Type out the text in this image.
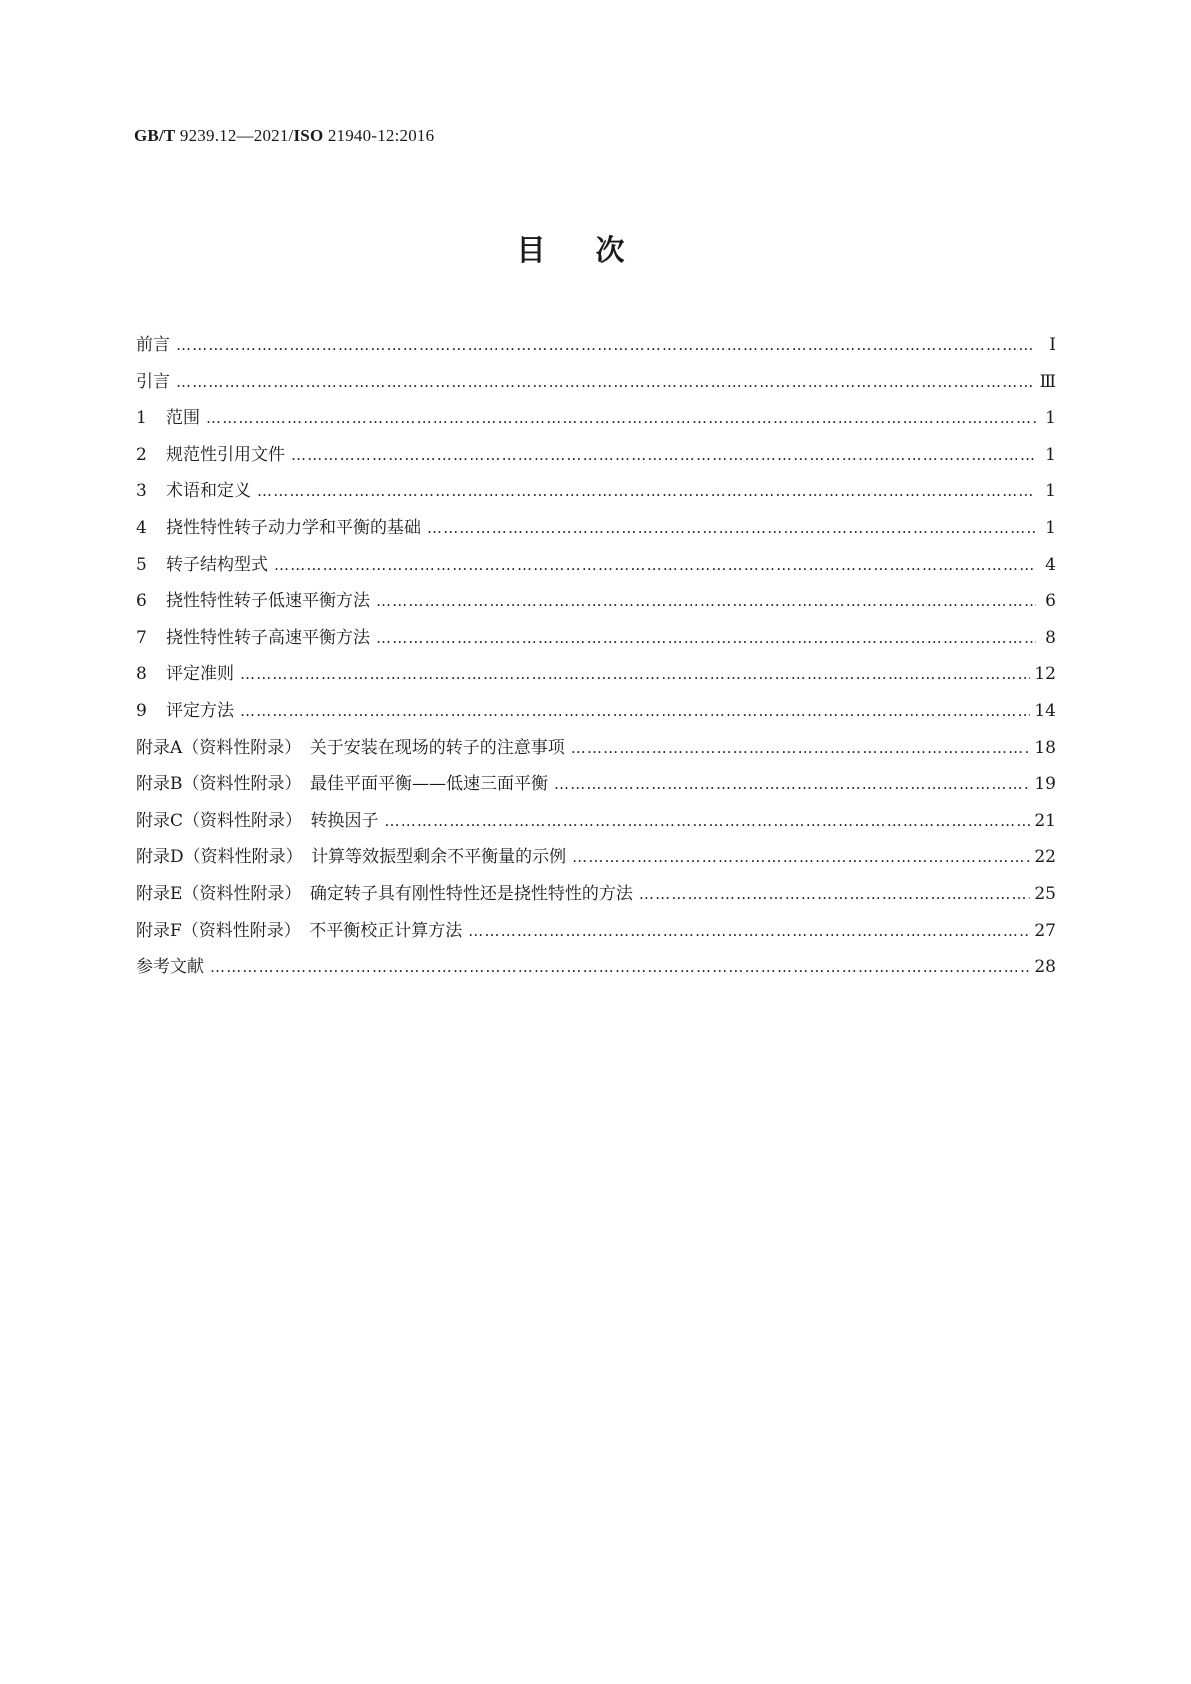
GB/T 9239.12—2021/ISO 21940-12:2016
目次
前言 …………………………………………………………………………………………………………………………………………………………………………………………………………	Ⅰ
引言 …………………………………………………………………………………………………………………………………………………………………………………………………………	Ⅲ
1	范围 …………………………………………………………………………………………………………………………………………………………………………………………………………	1
2	规范性引用文件 …………………………………………………………………………………………………………………………………………………………………………………………………………	1
3	术语和定义 …………………………………………………………………………………………………………………………………………………………………………………………………………	1
4	挠性特性转子动力学和平衡的基础 …………………………………………………………………………………………………………………………………………………………………………………………………………	1
5	转子结构型式 …………………………………………………………………………………………………………………………………………………………………………………………………………	4
6	挠性特性转子低速平衡方法 …………………………………………………………………………………………………………………………………………………………………………………………………………	6
7	挠性特性转子高速平衡方法 …………………………………………………………………………………………………………………………………………………………………………………………………………	8
8	评定准则 …………………………………………………………………………………………………………………………………………………………………………………………………………	12
9	评定方法 …………………………………………………………………………………………………………………………………………………………………………………………………………	14
附录A（资料性附录）　关于安装在现场的转子的注意事项 …………………………………………………………………………………………………………………………………………………………………………………………………………	18
附录B（资料性附录）　最佳平面平衡——低速三面平衡 …………………………………………………………………………………………………………………………………………………………………………………………………………	19
附录C（资料性附录）　转换因子 …………………………………………………………………………………………………………………………………………………………………………………………………………	21
附录D（资料性附录）　计算等效振型剩余不平衡量的示例 …………………………………………………………………………………………………………………………………………………………………………………………………………	22
附录E（资料性附录）　确定转子具有刚性特性还是挠性特性的方法 …………………………………………………………………………………………………………………………………………………………………………………………………………	25
附录F（资料性附录）　不平衡校正计算方法 …………………………………………………………………………………………………………………………………………………………………………………………………………	27
参考文献 …………………………………………………………………………………………………………………………………………………………………………………………………………	28
